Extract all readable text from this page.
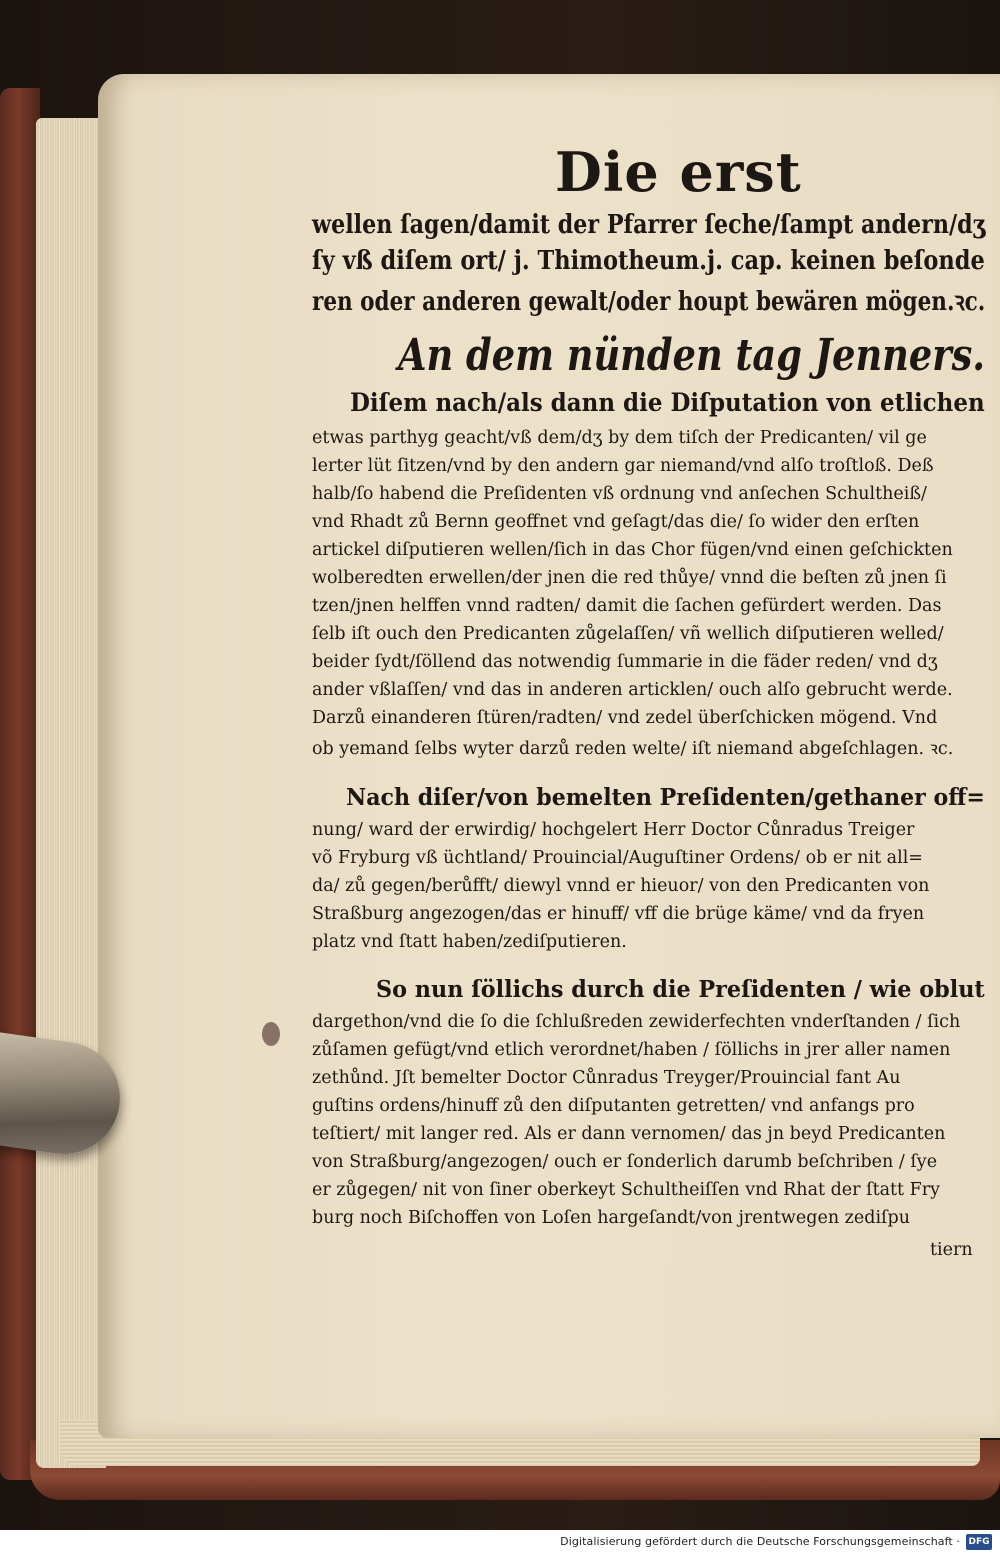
Die erst
wellen ſagen/damit der Pfarrer ſeche/ſampt andern/dʒ
ſy vß diſem ort/ j. Thimotheum.j. cap. keinen beſonde
ren oder anderen gewalt/oder houpt bewären mögen.ꝛc.
An dem nünden tag Jenners.
Diſem nach/als dann die Diſputation von etlichen
etwas parthyg geacht/vß dem/dʒ by dem tiſch der Predicanten/ vil ge
lerter lüt ſitzen/vnd by den andern gar niemand/vnd alſo troſtloß. Deß
halb/ſo habend die Preſidenten vß ordnung vnd anſechen Schultheiß/
vnd Rhadt zů Bernn geoffnet vnd geſagt/das die/ ſo wider den erſten
artickel diſputieren wellen/ſich in das Chor fügen/vnd einen geſchickten
wolberedten erwellen/der jnen die red thůye/ vnnd die beſten zů jnen ſi
tzen/jnen helffen vnnd radten/ damit die ſachen gefürdert werden. Das
ſelb iſt ouch den Predicanten zůgelaſſen/ vñ wellich diſputieren welled/
beider ſydt/ſöllend das notwendig ſummarie in die fäder reden/ vnd dʒ
ander vßlaſſen/ vnd das in anderen articklen/ ouch alſo gebrucht werde.
Darzů einanderen ſtüren/radten/ vnd zedel überſchicken mögend. Vnd
ob yemand ſelbs wyter darzů reden welte/ iſt niemand abgeſchlagen. ꝛc.
Nach diſer/von bemelten Preſidenten/gethaner off=
nung/ ward der erwirdig/ hochgelert Herr Doctor Cůnradus Treiger
võ Fryburg vß üchtland/ Prouincial/Auguſtiner Ordens/ ob er nit all=
da/ zů gegen/berůfft/ diewyl vnnd er hieuor/ von den Predicanten von
Straßburg angezogen/das er hinuff/ vff die brüge käme/ vnd da fryen
platz vnd ſtatt haben/zediſputieren.
So nun ſöllichs durch die Preſidenten / wie oblut
dargethon/vnd die ſo die ſchlußreden zewiderfechten vnderſtanden / ſich
zůſamen gefügt/vnd etlich verordnet/haben / ſöllichs in jrer aller namen
zethůnd. Jſt bemelter Doctor Cůnradus Treyger/Prouincial fant Au
guſtins ordens/hinuff zů den diſputanten getretten/ vnd anfangs pro
teſtiert/ mit langer red. Als er dann vernomen/ das jn beyd Predicanten
von Straßburg/angezogen/ ouch er ſonderlich darumb beſchriben / ſye
er zůgegen/ nit von ſiner oberkeyt Schultheiſſen vnd Rhat der ſtatt Fry
burg noch Biſchoffen von Loſen hargeſandt/von jrentwegen zediſpu
tiern
Digitalisierung gefördert durch die Deutsche Forschungsgemeinschaft · DFG
